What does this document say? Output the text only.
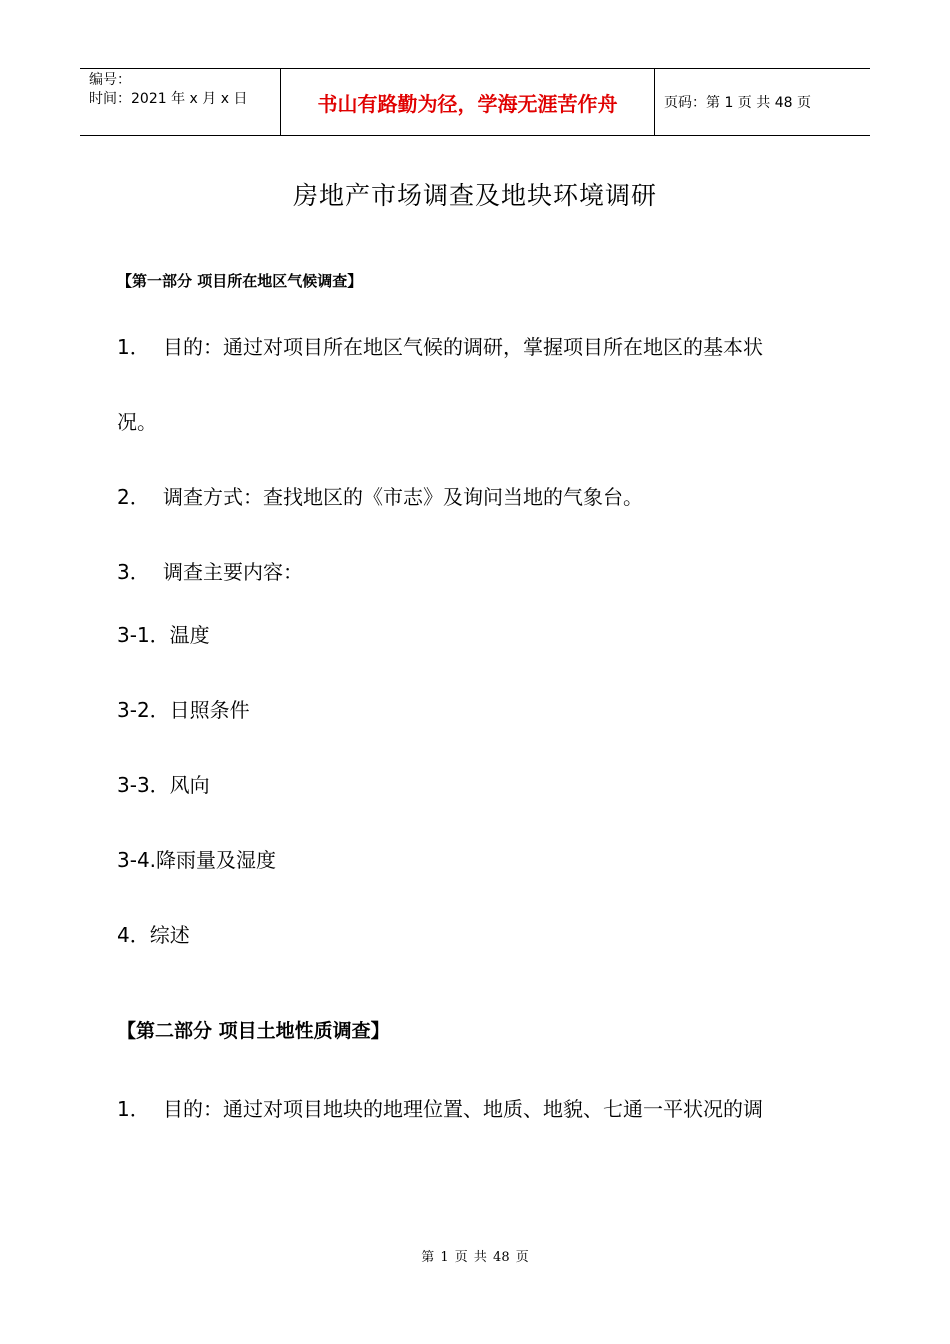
编号：
时间：2021 年 x 月 x 日	书山有路勤为径，学海无涯苦作舟	页码：第 1 页 共 48 页
房地产市场调查及地块环境调研
【第一部分 项目所在地区气候调查】
1． 目的：通过对项目所在地区气候的调研，掌握项目所在地区的基本状
况。
2． 调查方式：查找地区的《市志》及询问当地的气象台。
3． 调查主要内容：
3-1．温度
3-2．日照条件
3-3．风向
3-4.降雨量及湿度
4．综述
【第二部分 项目土地性质调查】
1． 目的：通过对项目地块的地理位置、地质、地貌、七通一平状况的调
第 1 页 共 48 页
